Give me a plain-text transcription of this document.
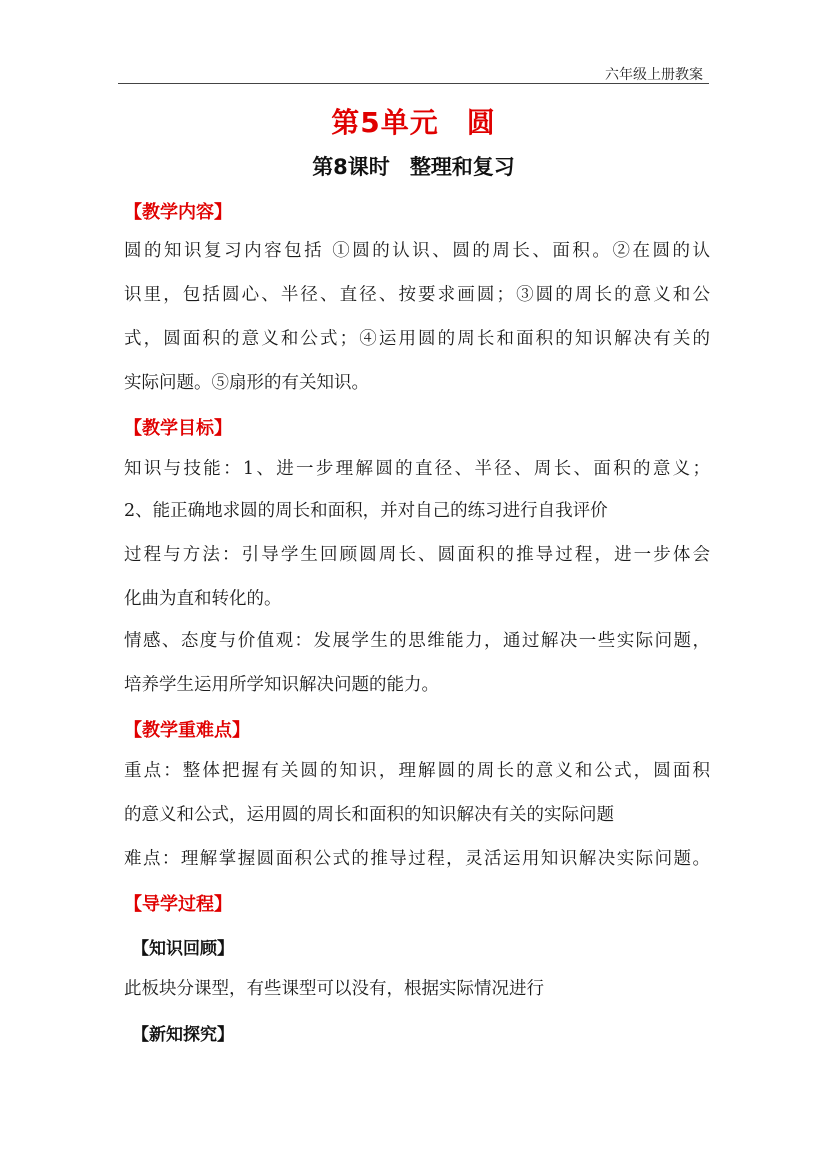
六年级上册教案
第5单元 圆
第8课时 整理和复习
【教学内容】
圆的知识复习内容包括 ①圆的认识、圆的周长、面积。②在圆的认
识里，包括圆心、半径、直径、按要求画圆；③圆的周长的意义和公
式，圆面积的意义和公式；④运用圆的周长和面积的知识解决有关的
实际问题。⑤扇形的有关知识。
【教学目标】
知识与技能：1、进一步理解圆的直径、半径、周长、面积的意义；
2、能正确地求圆的周长和面积，并对自己的练习进行自我评价
过程与方法：引导学生回顾圆周长、圆面积的推导过程，进一步体会
化曲为直和转化的。
情感、态度与价值观：发展学生的思维能力，通过解决一些实际问题，
培养学生运用所学知识解决问题的能力。
【教学重难点】
重点：整体把握有关圆的知识，理解圆的周长的意义和公式，圆面积
的意义和公式，运用圆的周长和面积的知识解决有关的实际问题
难点：理解掌握圆面积公式的推导过程，灵活运用知识解决实际问题。
【导学过程】
【知识回顾】
此板块分课型，有些课型可以没有，根据实际情况进行
【新知探究】
